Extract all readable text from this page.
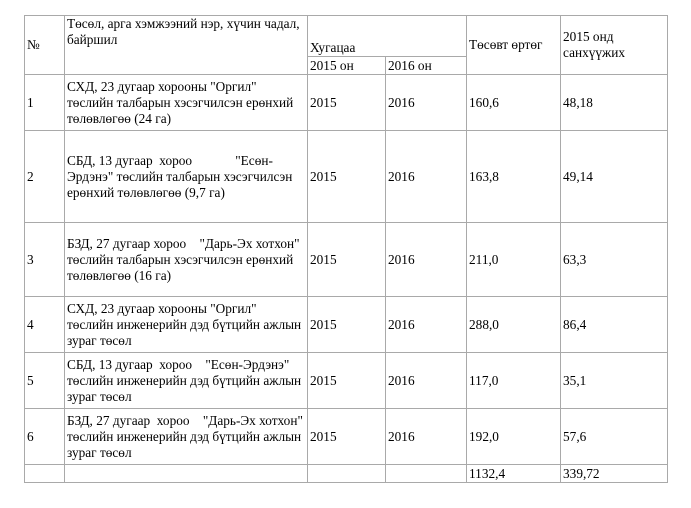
№	Төсөл, арга хэмжээний нэр, хүчин чадал, байршил	Хугацаа		Төсөвт өртөг	2015 онд санхүүжих
		2015 он	2016 он		
1	СХД, 23 дугаар хорооны "Оргил" төслийн талбарын хэсэгчилсэн ерөнхий төлөвлөгөө (24 га)	2015	2016	160,6	48,18
2	СБД, 13 дугаар  хороо             "Есөн-Эрдэнэ" төслийн талбарын хэсэгчилсэн ерөнхий төлөвлөгөө (9,7 га)	2015	2016	163,8	49,14
3	БЗД, 27 дугаар хороо    "Дарь-Эх хотхон" төслийн талбарын хэсэгчилсэн ерөнхий төлөвлөгөө (16 га)	2015	2016	211,0	63,3
4	СХД, 23 дугаар хорооны "Оргил" төслийн инженерийн дэд бүтцийн ажлын зураг төсөл	2015	2016	288,0	86,4
5	СБД, 13 дугаар  хороо    "Есөн-Эрдэнэ" төслийн инженерийн дэд бүтцийн ажлын зураг төсөл	2015	2016	117,0	35,1
6	БЗД, 27 дугаар  хороо    "Дарь-Эх хотхон" төслийн инженерийн дэд бүтцийн ажлын зураг төсөл	2015	2016	192,0	57,6
				1132,4	339,72
